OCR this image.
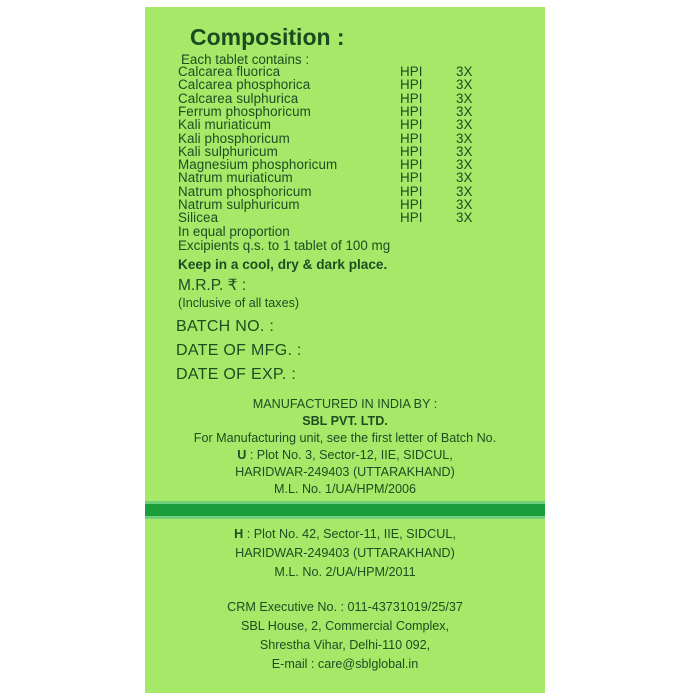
Composition :
Each tablet contains :
Calcarea fluorica	HPI 3X
Calcarea phosphorica	HPI 3X
Calcarea sulphurica	HPI 3X
Ferrum phosphoricum	HPI 3X
Kali muriaticum	HPI 3X
Kali phosphoricum	HPI 3X
Kali sulphuricum	HPI 3X
Magnesium phosphoricum	HPI 3X
Natrum muriaticum	HPI 3X
Natrum phosphoricum	HPI 3X
Natrum sulphuricum	HPI 3X
Silicea	HPI 3X
In equal proportion
Excipients q.s. to 1 tablet of 100 mg
Keep in a cool, dry & dark place.
M.R.P. ₹ :
(Inclusive of all taxes)
BATCH NO. :
DATE OF MFG. :
DATE OF EXP. :
MANUFACTURED IN INDIA BY :
SBL PVT. LTD.
For Manufacturing unit, see the first letter of Batch No.
U : Plot No. 3, Sector-12, IIE, SIDCUL,
HARIDWAR-249403 (UTTARAKHAND)
M.L. No. 1/UA/HPM/2006
H : Plot No. 42, Sector-11, IIE, SIDCUL,
HARIDWAR-249403 (UTTARAKHAND)
M.L. No. 2/UA/HPM/2011
CRM Executive No. : 011-43731019/25/37
SBL House, 2, Commercial Complex,
Shrestha Vihar, Delhi-110 092,
E-mail : care@sblglobal.in
